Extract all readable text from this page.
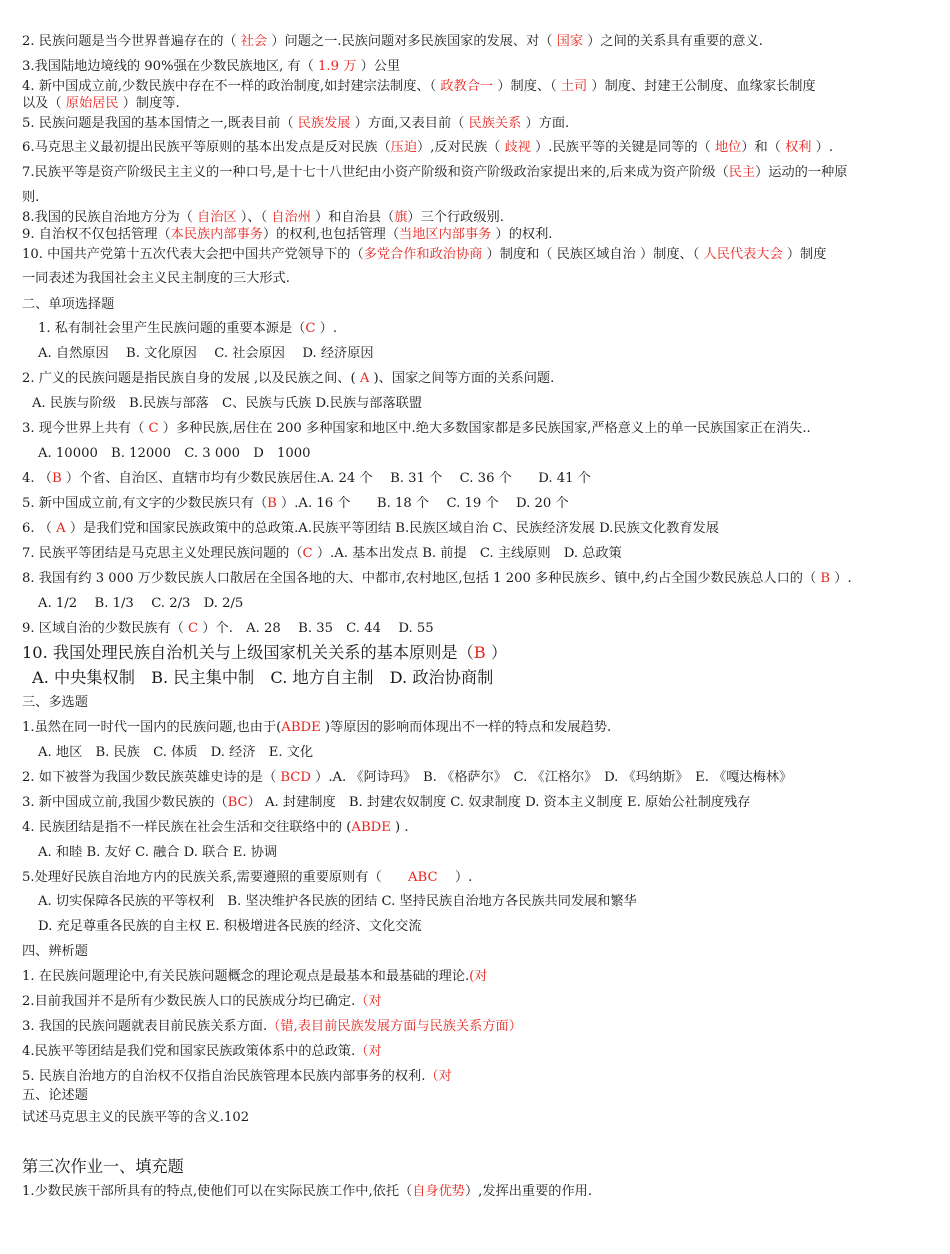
2. 民族问题是当今世界普遍存在的（ 社会 ）问题之一.民族问题对多民族国家的发展、对（ 国家 ）之间的关系具有重要的意义.
3.我国陆地边境线的 90%强在少数民族地区, 有（ 1.9 万 ）公里
4. 新中国成立前,少数民族中存在不一样的政治制度,如封建宗法制度、（ 政教合一 ）制度、（ 土司 ）制度、封建王公制度、血缘家长制度
以及（ 原始居民 ）制度等.
5. 民族问题是我国的基本国情之一,既表目前（ 民族发展 ）方面,又表目前（ 民族关系 ）方面.
6.马克思主义最初提出民族平等原则的基本出发点是反对民族（压迫）,反对民族（ 歧视 ）.民族平等的关键是同等的（ 地位）和（ 权利 ）.
7.民族平等是资产阶级民主主义的一种口号,是十七十八世纪由小资产阶级和资产阶级政治家提出来的,后来成为资产阶级（民主）运动的一种原
则.
8.我国的民族自治地方分为（ 自治区 ）、（ 自治州 ）和自治县（旗）三个行政级别.
9. 自治权不仅包括管理（本民族内部事务）的权利,也包括管理（当地区内部事务 ）的权利.
10. 中国共产党第十五次代表大会把中国共产党领导下的（多党合作和政治协商 ）制度和（ 民族区域自治 ）制度、（ 人民代表大会 ）制度
一同表述为我国社会主义民主制度的三大形式.
二、单项选择题
1. 私有制社会里产生民族问题的重要本源是（C ）.
A. 自然原因　 B. 文化原因　 C. 社会原因　 D. 经济原因
2. 广义的民族问题是指民族自身的发展 ,以及民族之间、( A )、国家之间等方面的关系问题.
A. 民族与阶级　B.民族与部落　C、民族与氏族 D.民族与部落联盟
3. 现今世界上共有（ C ）多种民族,居住在 200 多种国家和地区中.绝大多数国家都是多民族国家,严格意义上的单一民族国家正在消失..
A. 10000　B. 12000　C. 3 000　D　1000
4. （B ）个省、自治区、直辖市均有少数民族居住.A. 24 个　 B. 31 个　 C. 36 个　　D. 41 个
5. 新中国成立前,有文字的少数民族只有（B ）.A. 16 个　　B. 18 个　 C. 19 个　 D. 20 个
6. （ A ）是我们党和国家民族政策中的总政策.A.民族平等团结 B.民族区域自治 C、民族经济发展 D.民族文化教育发展
7. 民族平等团结是马克思主义处理民族问题的（C ）.A. 基本出发点 B. 前提　C. 主线原则　D. 总政策
8. 我国有约 3 000 万少数民族人口散居在全国各地的大、中都市,农村地区,包括 1 200 多种民族乡、镇中,约占全国少数民族总人口的（ B ）.
A. 1/2　 B. 1/3　 C. 2/3　D. 2/5
9. 区域自治的少数民族有（ C ）个.　A. 28　 B. 35　C. 44　 D. 55
10. 我国处理民族自治机关与上级国家机关关系的基本原则是（B ）
A. 中央集权制　B. 民主集中制　C. 地方自主制　D. 政治协商制
三、多选题
1.虽然在同一时代一国内的民族问题,也由于(ABDE )等原因的影响而体现出不一样的特点和发展趋势.
A. 地区　B. 民族　C. 体质　D. 经济　E. 文化
2. 如下被誉为我国少数民族英雄史诗的是（ BCD ）.A. 《阿诗玛》　B. 《格萨尔》　C. 《江格尔》　D. 《玛纳斯》　E. 《嘎达梅林》
3. 新中国成立前,我国少数民族的（BC） A. 封建制度　B. 封建农奴制度 C. 奴隶制度 D. 资本主义制度 E. 原始公社制度残存
4. 民族团结是指不一样民族在社会生活和交往联络中的 (ABDE ) .
A. 和睦 B. 友好 C. 融合 D. 联合 E. 协调
5.处理好民族自治地方内的民族关系,需要遵照的重要原则有（　　ABC　 ）.
A. 切实保障各民族的平等权利　B. 坚决维护各民族的团结 C. 坚持民族自治地方各民族共同发展和繁华
D. 充足尊重各民族的自主权 E. 积极增进各民族的经济、文化交流
四、辨析题
1. 在民族问题理论中,有关民族问题概念的理论观点是最基本和最基础的理论.(对
2.目前我国并不是所有少数民族人口的民族成分均已确定.（对
3. 我国的民族问题就表目前民族关系方面.（错,表目前民族发展方面与民族关系方面）
4.民族平等团结是我们党和国家民族政策体系中的总政策.（对
5. 民族自治地方的自治权不仅指自治民族管理本民族内部事务的权利.（对
五、论述题
试述马克思主义的民族平等的含义.102
第三次作业一、填充题
1.少数民族干部所具有的特点,使他们可以在实际民族工作中,依托（自身优势）,发挥出重要的作用.
